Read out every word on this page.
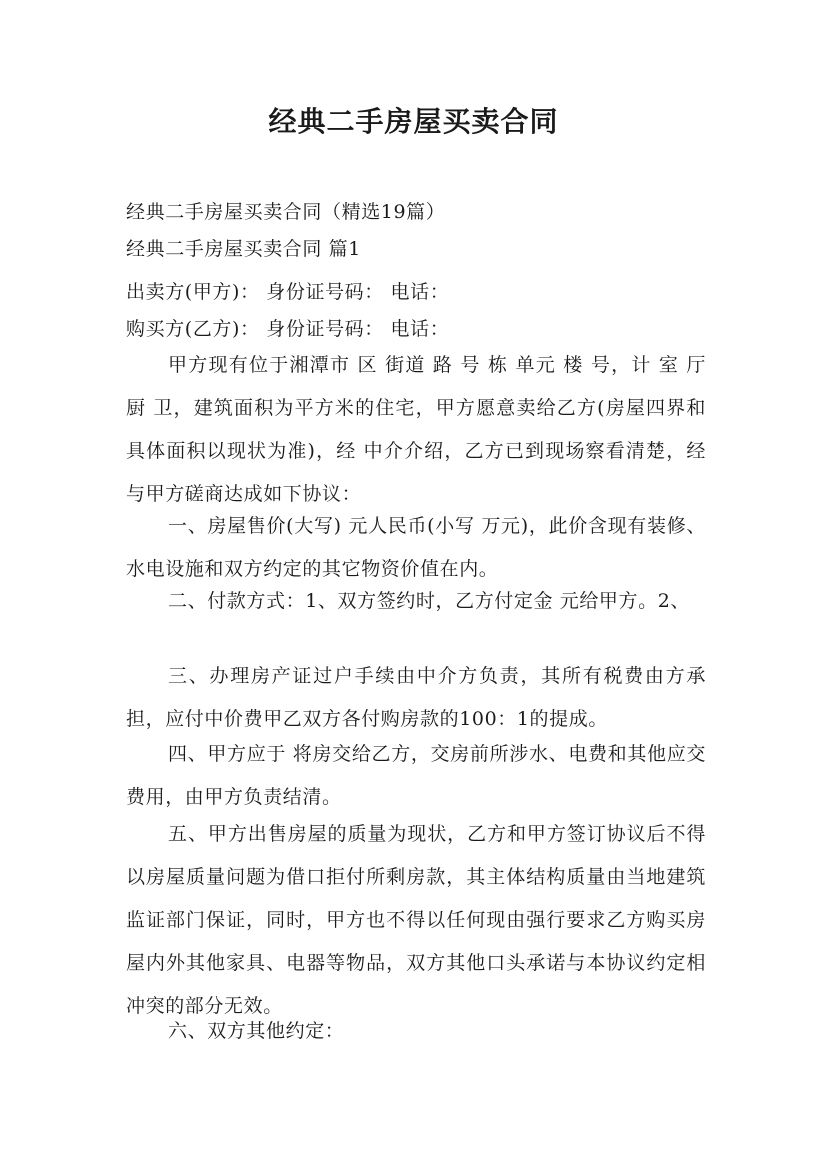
经典二手房屋买卖合同
经典二手房屋买卖合同（精选19篇）
经典二手房屋买卖合同 篇1
出卖方(甲方)： 身份证号码： 电话：
购买方(乙方)： 身份证号码： 电话：
甲方现有位于湘潭市 区 街道 路 号 栋 单元 楼 号，计 室 厅 厨 卫，建筑面积为平方米的住宅，甲方愿意卖给乙方(房屋四界和具体面积以现状为准)，经 中介介绍，乙方已到现场察看清楚，经与甲方磋商达成如下协议：
一、房屋售价(大写) 元人民币(小写 万元)，此价含现有装修、水电设施和双方约定的其它物资价值在内。
二、付款方式：1、双方签约时，乙方付定金 元给甲方。2、
三、办理房产证过户手续由中介方负责，其所有税费由方承担，应付中价费甲乙双方各付购房款的100：1的提成。
四、甲方应于 将房交给乙方，交房前所涉水、电费和其他应交费用，由甲方负责结清。
五、甲方出售房屋的质量为现状，乙方和甲方签订协议后不得以房屋质量问题为借口拒付所剩房款，其主体结构质量由当地建筑监证部门保证，同时，甲方也不得以任何现由强行要求乙方购买房屋内外其他家具、电器等物品，双方其他口头承诺与本协议约定相冲突的部分无效。
六、双方其他约定：
